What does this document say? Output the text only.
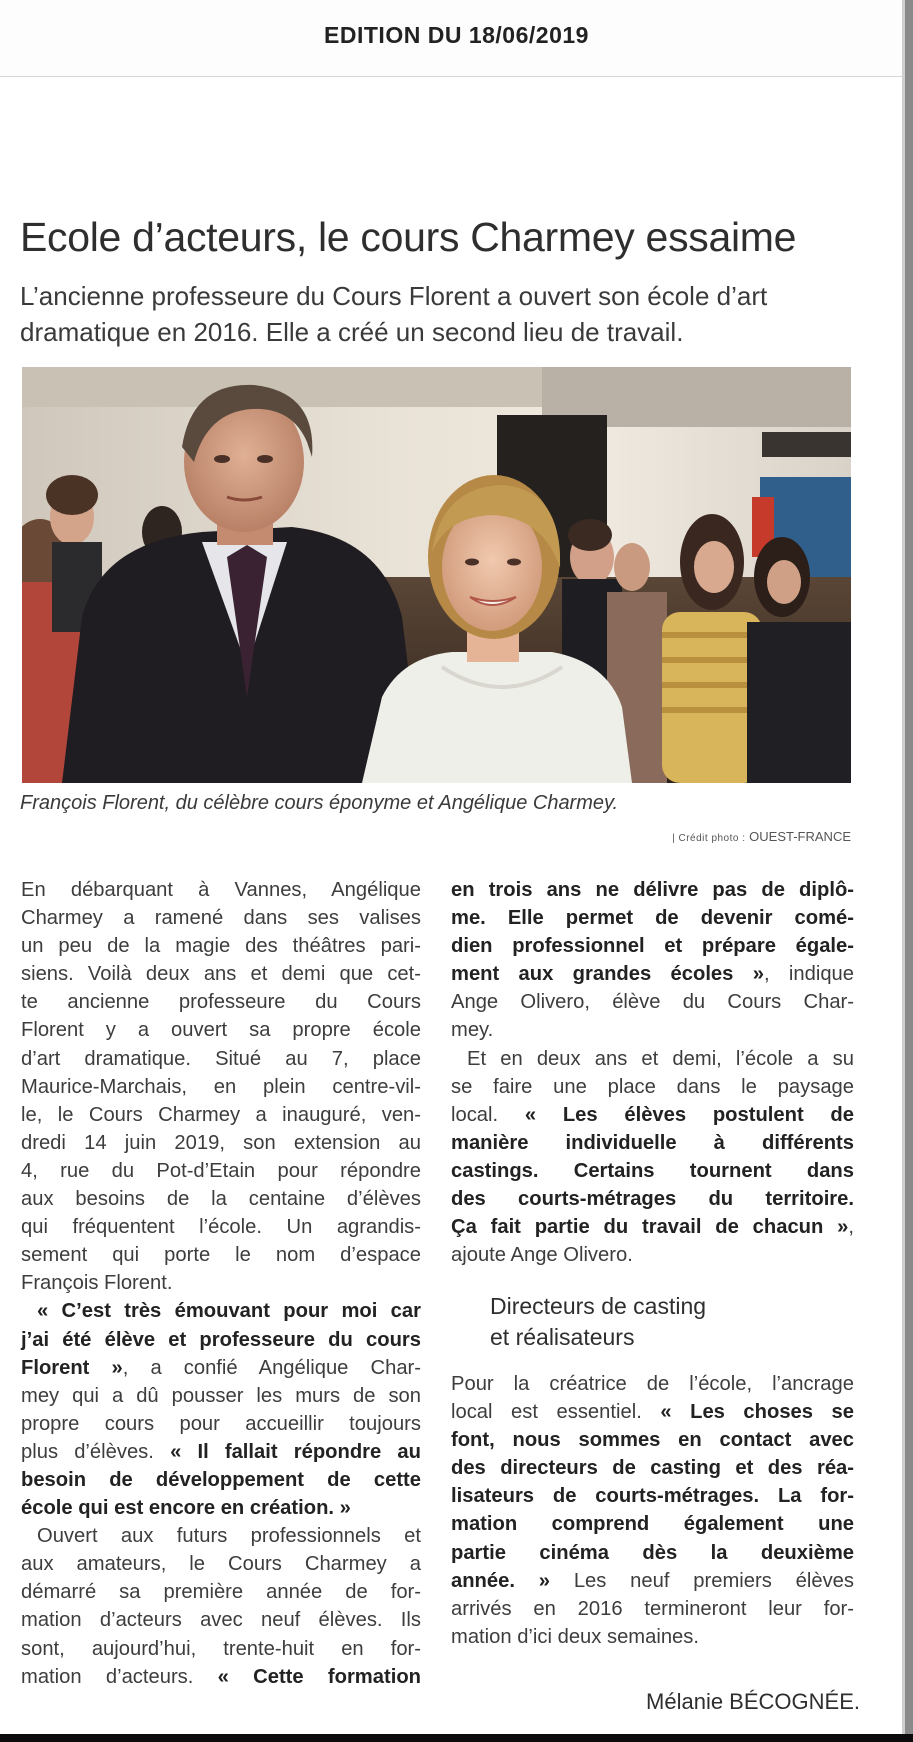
EDITION DU 18/06/2019
Ecole d’acteurs, le cours Charmey essaime
L’ancienne professeure du Cours Florent a ouvert son école d’art
dramatique en 2016. Elle a créé un second lieu de travail.
François Florent, du célèbre cours éponyme et Angélique Charmey.
| Crédit photo : OUEST-FRANCE
En débarquant à Vannes, Angélique
Charmey a ramené dans ses valises
un peu de la magie des théâtres pari-
siens. Voilà deux ans et demi que cet-
te ancienne professeure du Cours
Florent y a ouvert sa propre école
d’art dramatique. Situé au 7, place
Maurice-Marchais, en plein centre-vil-
le, le Cours Charmey a inauguré, ven-
dredi 14 juin 2019, son extension au
4, rue du Pot-d’Etain pour répondre
aux besoins de la centaine d’élèves
qui fréquentent l’école. Un agrandis-
sement qui porte le nom d’espace
François Florent.
« C’est très émouvant pour moi car
j’ai été élève et professeure du cours
Florent », a confié Angélique Char-
mey qui a dû pousser les murs de son
propre cours pour accueillir toujours
plus d’élèves. « Il fallait répondre au
besoin de développement de cette
école qui est encore en création. »
Ouvert aux futurs professionnels et
aux amateurs, le Cours Charmey a
démarré sa première année de for-
mation d’acteurs avec neuf élèves. Ils
sont, aujourd’hui, trente-huit en for-
mation d’acteurs. « Cette formation
en trois ans ne délivre pas de diplô-
me. Elle permet de devenir comé-
dien professionnel et prépare égale-
ment aux grandes écoles », indique
Ange Olivero, élève du Cours Char-
mey.
Et en deux ans et demi, l’école a su
se faire une place dans le paysage
local. « Les élèves postulent de
manière individuelle à différents
castings. Certains tournent dans
des courts-métrages du territoire.
Ça fait partie du travail de chacun »,
ajoute Ange Olivero.
Directeurs de casting
et réalisateurs
Pour la créatrice de l’école, l’ancrage
local est essentiel. « Les choses se
font, nous sommes en contact avec
des directeurs de casting et des réa-
lisateurs de courts-métrages. La for-
mation comprend également une
partie cinéma dès la deuxième
année. » Les neuf premiers élèves
arrivés en 2016 termineront leur for-
mation d’ici deux semaines.
Mélanie BÉCOGNÉE.
